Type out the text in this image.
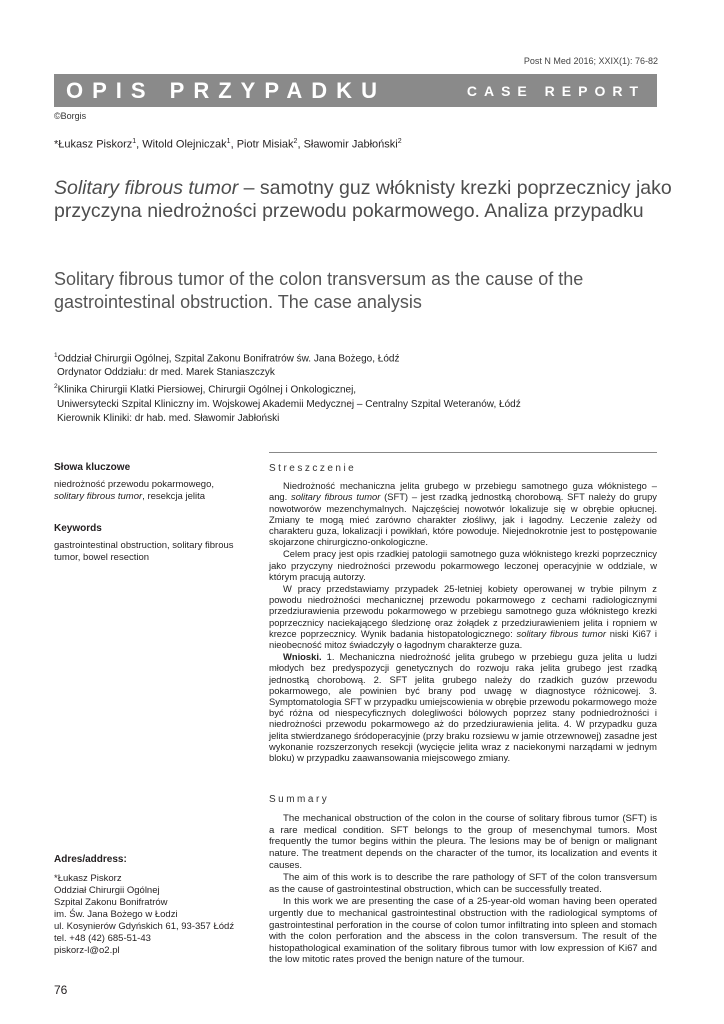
Post N Med 2016; XXIX(1): 76-82
OPIS PRZYPADKU	CASE REPORT
©Borgis
*Łukasz Piskorz$^1$, Witold Olejniczak$^1$, Piotr Misiak$^2$, Sławomir Jabłoński$^2$
Solitary fibrous tumor – samotny guz włóknisty krezki poprzecznicy jako przyczyna niedrożności przewodu pokarmowego. Analiza przypadku
Solitary fibrous tumor of the colon transversum as the cause of the gastrointestinal obstruction. The case analysis
$^1$Oddział Chirurgii Ogólnej, Szpital Zakonu Bonifratrów św. Jana Bożego, Łódź
Ordynator Oddziału: dr med. Marek Staniaszczyk
$^2$Klinika Chirurgii Klatki Piersiowej, Chirurgii Ogólnej i Onkologicznej,
Uniwersytecki Szpital Kliniczny im. Wojskowej Akademii Medycznej – Centralny Szpital Weteranów, Łódź
Kierownik Kliniki: dr hab. med. Sławomir Jabłoński
Słowa kluczowe

niedrożność przewodu pokarmowego,
solitary fibrous tumor, resekcja jelita

Keywords

gastrointestinal obstruction, solitary fibrous tumor, bowel resection

Adres/address:

*Łukasz Piskorz

Oddział Chirurgii Ogólnej

Szpital Zakonu Bonifratrów

im. Św. Jana Bożego w Łodzi

ul. Kosynierów Gdyńskich 61, 93-357 Łódź

tel. +48 (42) 685-51-43

piskorz-l@o2.pl

Streszczenie

Niedrożność mechaniczna jelita grubego w przebiegu samotnego guza włóknistego – ang. solitary fibrous tumor (SFT) – jest rzadką jednostką chorobową. SFT należy do grupy nowotworów mezenchymalnych. Najczęściej nowotwór lokalizuje się w obrębie opłucnej. Zmiany te mogą mieć zarówno charakter złośliwy, jak i łagodny. Leczenie zależy od charakteru guza, lokalizacji i powikłań, które powoduje. Niejednokrotnie jest to postępowanie skojarzone chirurgiczno-onkologiczne.

Celem pracy jest opis rzadkiej patologii samotnego guza włóknistego krezki poprzecznicy jako przyczyny niedrożności przewodu pokarmowego leczonej operacyjnie w oddziale, w którym pracują autorzy.

W pracy przedstawiamy przypadek 25-letniej kobiety operowanej w trybie pilnym z powodu niedrożności mechanicznej przewodu pokarmowego z cechami radiologicznymi przedziurawienia przewodu pokarmowego w przebiegu samotnego guza włóknistego krezki poprzecznicy naciekającego śledzionę oraz żołądek z przedziurawieniem jelita i ropniem w krezce poprzecznicy. Wynik badania histopatologicznego: solitary fibrous tumor niski Ki67 i nieobecność mitoz świadczyły o łagodnym charakterze guza.

Wnioski. 1. Mechaniczna niedrożność jelita grubego w przebiegu guza jelita u ludzi młodych bez predyspozycji genetycznych do rozwoju raka jelita grubego jest rzadką jednostką chorobową. 2. SFT jelita grubego należy do rzadkich guzów przewodu pokarmowego, ale powinien być brany pod uwagę w diagnostyce różnicowej. 3. Symptomatologia SFT w przypadku umiejscowienia w obrębie przewodu pokarmowego może być różna od niespecyficznych dolegliwości bólowych poprzez stany podniedrożności i niedrożności przewodu pokarmowego aż do przedziurawienia jelita. 4. W przypadku guza jelita stwierdzanego śródoperacyjnie (przy braku rozsiewu w jamie otrzewnowej) zasadne jest wykonanie rozszerzonych resekcji (wycięcie jelita wraz z naciekonymi narządami w jednym bloku) w przypadku zaawansowania miejscowego zmiany.

Summary

The mechanical obstruction of the colon in the course of solitary fibrous tumor (SFT) is a rare medical condition. SFT belongs to the group of mesenchymal tumors. Most frequently the tumor begins within the pleura. The lesions may be of benign or malignant nature. The treatment depends on the character of the tumor, its localization and events it causes.

The aim of this work is to describe the rare pathology of SFT of the colon transversum as the cause of gastrointestinal obstruction, which can be successfully treated.

In this work we are presenting the case of a 25-year-old woman having been operated urgently due to mechanical gastrointestinal obstruction with the radiological symptoms of gastrointestinal perforation in the course of colon tumor infiltrating into spleen and stomach with the colon perforation and the abscess in the colon transversum. The result of the histopathological examination of the solitary fibrous tumor with low expression of Ki67 and the low mitotic rates proved the benign nature of the tumour.

76
